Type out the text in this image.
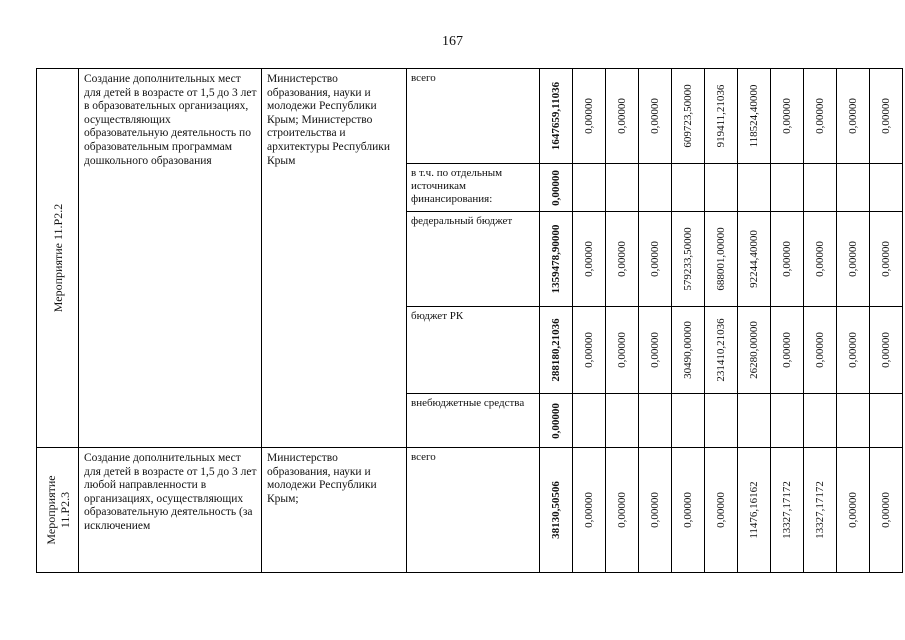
167
Мероприятие 11.Р2.2	Создание дополнительных мест для детей в возрасте от 1,5 до 3 лет в образовательных организациях, осуществляющих образовательную деятельность по образовательным программам дошкольного образования	Министерство образования, науки и молодежи Республики Крым; Министерство строительства и архитектуры Республики Крым	всего	1647659,11036	0,00000	0,00000	0,00000	609723,50000	919411,21036	118524,40000	0,00000	0,00000	0,00000	0,00000

			в т.ч. по отдельным источникам финансирования:	0,00000										

			федеральный бюджет	1359478,90000	0,00000	0,00000	0,00000	579233,50000	688001,00000	92244,40000	0,00000	0,00000	0,00000	0,00000

			бюджет РК	288180,21036	0,00000	0,00000	0,00000	30490,00000	231410,21036	26280,00000	0,00000	0,00000	0,00000	0,00000

			внебюджетные средства	0,00000										

Мероприятие 11.Р2.3	Создание дополнительных мест для детей в возрасте от 1,5 до 3 лет любой направленности в организациях, осуществляющих образовательную деятельность (за исключением	Министерство образования, науки и молодежи Республики Крым;	всего	38130,50506	0,00000	0,00000	0,00000	0,00000	0,00000	11476,16162	13327,17172	13327,17172	0,00000	0,00000
